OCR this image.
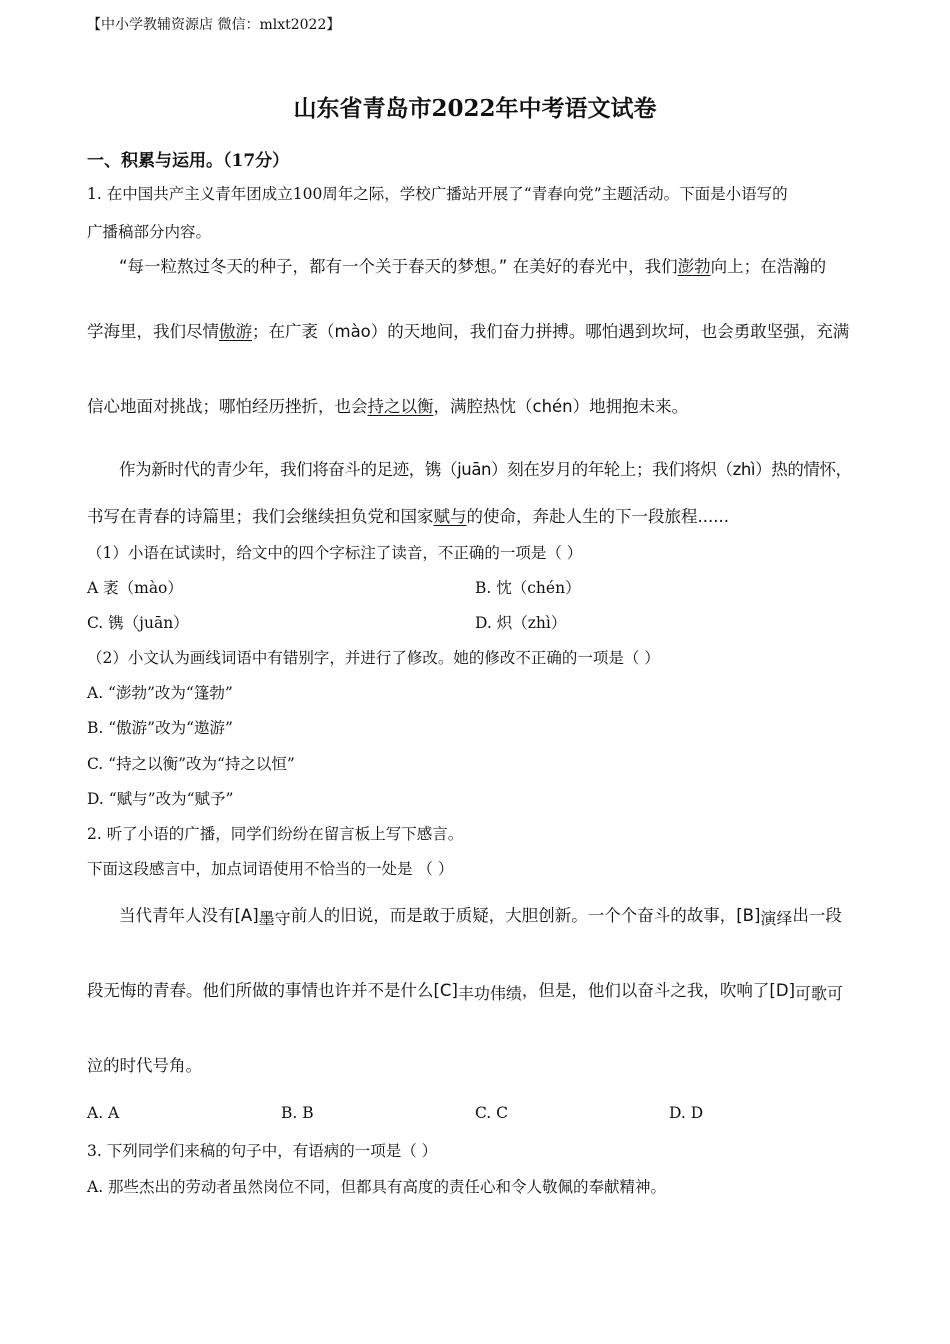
【中小学教辅资源店 微信：mlxt2022】
山东省青岛市2022年中考语文试卷
一、积累与运用。（17分）
1. 在中国共产主义青年团成立100周年之际，学校广播站开展了“青春向党”主题活动。下面是小语写的
广播稿部分内容。
“每一粒熬过冬天的种子，都有一个关于春天的梦想。” 在美好的春光中，我们澎勃向上；在浩瀚的
学海里，我们尽情傲游；在广袤（mào）的天地间，我们奋力拼搏。哪怕遇到坎坷，也会勇敢坚强，充满
信心地面对挑战；哪怕经历挫折，也会持之以衡，满腔热忱（chén）地拥抱未来。
作为新时代的青少年，我们将奋斗的足迹，镌（juān）刻在岁月的年轮上；我们将炽（zhì）热的情怀，
书写在青春的诗篇里；我们会继续担负党和国家赋与的使命，奔赴人生的下一段旅程......
（1）小语在试读时，给文中的四个字标注了读音，不正确的一项是（ ）
A 袤（mào）	B. 忱（chén）
C. 镌（juān）	D. 炽（zhì）
（2）小文认为画线词语中有错别字，并进行了修改。她的修改不正确的一项是（ ）
A. “澎勃”改为“篷勃”
B. “傲游”改为“遨游”
C. “持之以衡”改为“持之以恒”
D. “赋与”改为“赋予”
2. 听了小语的广播，同学们纷纷在留言板上写下感言。
下面这段感言中，加点词语使用不恰当的一处是 （ ）
当代青年人没有[A]墨守前人的旧说，而是敢于质疑，大胆创新。一个个奋斗的故事，[B]演绎出一段
段无悔的青春。他们所做的事情也许并不是什么[C]丰功伟绩，但是，他们以奋斗之我，吹响了[D]可歌可
泣的时代号角。
A. A	B. B	C. C	D. D
3. 下列同学们来稿的句子中，有语病的一项是（ ）
A. 那些杰出的劳动者虽然岗位不同，但都具有高度的责任心和令人敬佩的奉献精神。
